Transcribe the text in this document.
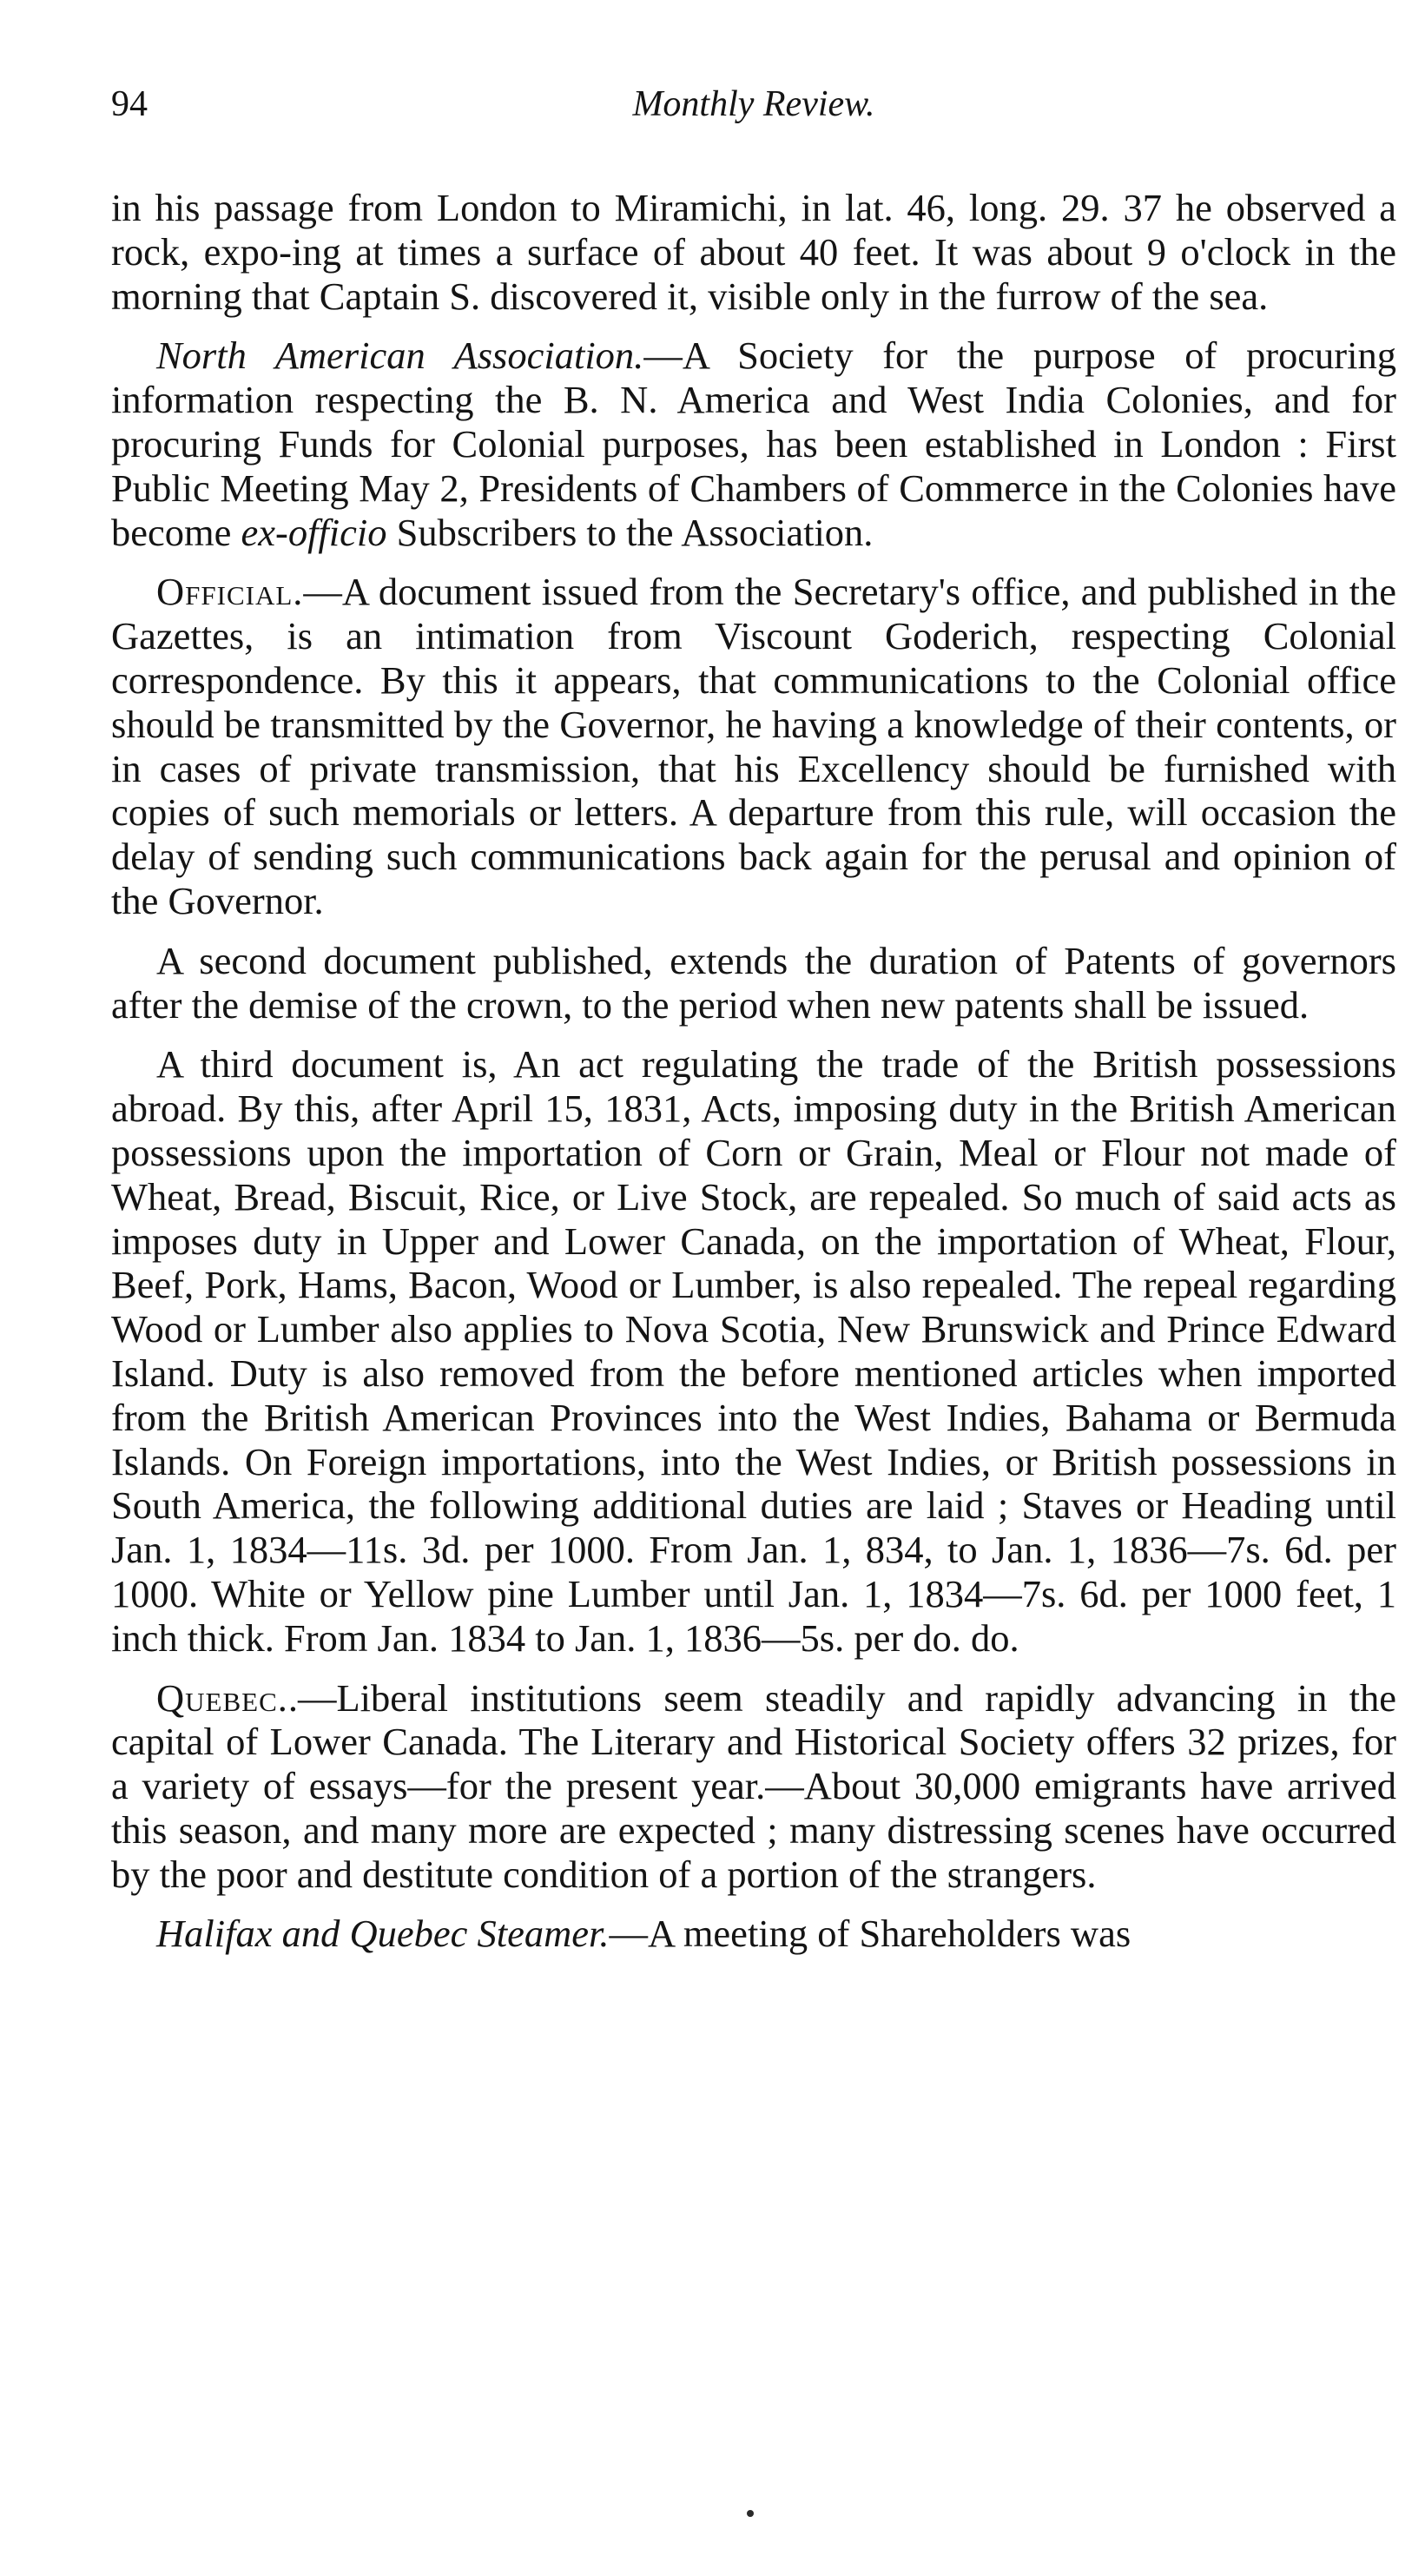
94	Monthly Review.

in his passage from London to Miramichi, in lat. 46, long. 29. 37 he observed a rock, expo-ing at times a surface of about 40 feet. It was about 9 o'clock in the morning that Captain S. discovered it, visible only in the furrow of the sea.

North American Association.—A Society for the purpose of procuring information respecting the B. N. America and West India Colonies, and for procuring Funds for Colonial purposes, has been established in London : First Public Meeting May 2, Presidents of Chambers of Commerce in the Colonies have become ex-officio Subscribers to the Association.

Official.—A document issued from the Secretary's office, and published in the Gazettes, is an intimation from Viscount Goderich, respecting Colonial correspondence. By this it appears, that communications to the Colonial office should be transmitted by the Governor, he having a knowledge of their contents, or in cases of private transmission, that his Excellency should be furnished with copies of such memorials or letters. A departure from this rule, will occasion the delay of sending such communications back again for the perusal and opinion of the Governor.

A second document published, extends the duration of Patents of governors after the demise of the crown, to the period when new patents shall be issued.

A third document is, An act regulating the trade of the British possessions abroad. By this, after April 15, 1831, Acts, imposing duty in the British American possessions upon the importation of Corn or Grain, Meal or Flour not made of Wheat, Bread, Biscuit, Rice, or Live Stock, are repealed. So much of said acts as imposes duty in Upper and Lower Canada, on the importation of Wheat, Flour, Beef, Pork, Hams, Bacon, Wood or Lumber, is also repealed. The repeal regarding Wood or Lumber also applies to Nova Scotia, New Brunswick and Prince Edward Island. Duty is also removed from the before mentioned articles when imported from the British American Provinces into the West Indies, Bahama or Bermuda Islands. On Foreign importations, into the West Indies, or British possessions in South America, the following additional duties are laid ; Staves or Heading until Jan. 1, 1834—11s. 3d. per 1000. From Jan. 1, 834, to Jan. 1, 1836—7s. 6d. per 1000. White or Yellow pine Lumber until Jan. 1, 1834—7s. 6d. per 1000 feet, 1 inch thick. From Jan. 1834 to Jan. 1, 1836—5s. per do. do.

Quebec..—Liberal institutions seem steadily and rapidly advancing in the capital of Lower Canada. The Literary and Historical Society offers 32 prizes, for a variety of essays—for the present year.—About 30,000 emigrants have arrived this season, and many more are expected ; many distressing scenes have occurred by the poor and destitute condition of a portion of the strangers.

Halifax and Quebec Steamer.—A meeting of Shareholders was
